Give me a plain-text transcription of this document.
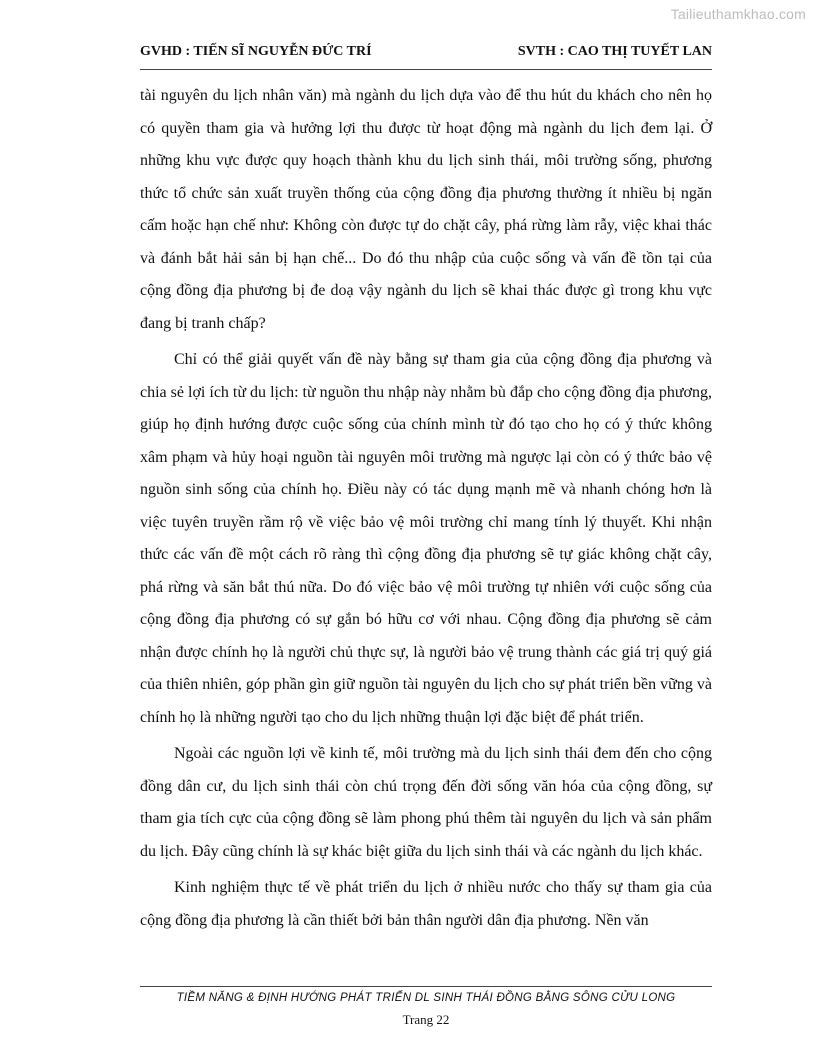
Tailieuthamkhao.com
GVHD : TIẾN SĨ NGUYỄN ĐỨC TRÍ	SVTH : CAO THỊ TUYẾT LAN

tài nguyên du lịch nhân văn) mà ngành du lịch dựa vào để thu hút du khách cho nên họ có quyền tham gia và hưởng lợi thu được từ hoạt động mà ngành du lịch đem lại. Ở những khu vực được quy hoạch thành khu du lịch sinh thái, môi trường sống, phương thức tổ chức sản xuất truyền thống của cộng đồng địa phương thường ít nhiều bị ngăn cấm hoặc hạn chế như: Không còn được tự do chặt cây, phá rừng làm rẫy, việc khai thác và đánh bắt hải sản bị hạn chế... Do đó thu nhập của cuộc sống và vấn đề tồn tại của cộng đồng địa phương bị đe doạ vậy ngành du lịch sẽ khai thác được gì trong khu vực đang bị tranh chấp?

Chỉ có thể giải quyết vấn đề này bằng sự tham gia của cộng đồng địa phương và chia sẻ lợi ích từ du lịch: từ nguồn thu nhập này nhằm bù đắp cho cộng đồng địa phương, giúp họ định hướng được cuộc sống của chính mình từ đó tạo cho họ có ý thức không xâm phạm và hủy hoại nguồn tài nguyên môi trường mà ngược lại còn có ý thức bảo vệ nguồn sinh sống của chính họ. Điều này có tác dụng mạnh mẽ và nhanh chóng hơn là việc tuyên truyền rầm rộ về việc bảo vệ môi trường chỉ mang tính lý thuyết. Khi nhận thức các vấn đề một cách rõ ràng thì cộng đồng địa phương sẽ tự giác không chặt cây, phá rừng và săn bắt thú nữa. Do đó việc bảo vệ môi trường tự nhiên với cuộc sống của cộng đồng địa phương có sự gắn bó hữu cơ với nhau. Cộng đồng địa phương sẽ cảm nhận được chính họ là người chủ thực sự, là người bảo vệ trung thành các giá trị quý giá của thiên nhiên, góp phần gìn giữ nguồn tài nguyên du lịch cho sự phát triển bền vững và chính họ là những người tạo cho du lịch những thuận lợi đặc biệt để phát triển.

Ngoài các nguồn lợi về kinh tế, môi trường mà du lịch sinh thái đem đến cho cộng đồng dân cư, du lịch sinh thái còn chú trọng đến đời sống văn hóa của cộng đồng, sự tham gia tích cực của cộng đồng sẽ làm phong phú thêm tài nguyên du lịch và sản phẩm du lịch. Đây cũng chính là sự khác biệt giữa du lịch sinh thái và các ngành du lịch khác.

Kinh nghiệm thực tế về phát triển du lịch ở nhiều nước cho thấy sự tham gia của cộng đồng địa phương là cần thiết bởi bản thân người dân địa phương. Nền văn

TIỀM NĂNG & ĐỊNH HƯỚNG PHÁT TRIỂN DL SINH THÁI ĐỒNG BẰNG SÔNG CỬU LONG
Trang 22
